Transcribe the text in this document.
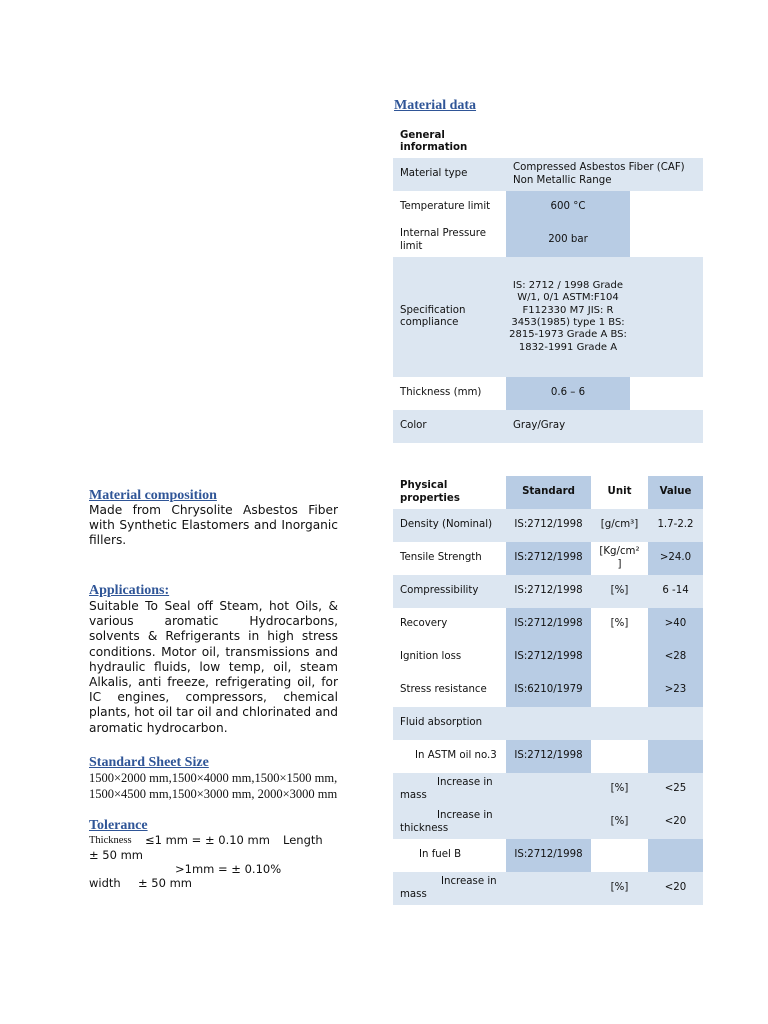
Material composition

Made from Chrysolite Asbestos Fiber with Synthetic Elastomers and Inorganic fillers.

Applications:

Suitable To Seal off Steam, hot Oils, & various aromatic Hydrocarbons, solvents & Refrigerants in high stress conditions. Motor oil, transmissions and hydraulic fluids, low temp, oil, steam Alkalis, anti freeze, refrigerating oil, for IC engines, compressors, chemical plants, hot oil tar oil and chlorinated and aromatic hydrocarbon.

Standard Sheet Size

1500×2000 mm,1500×4000 mm,1500×1500 mm, 1500×4500 mm,1500×3000 mm, 2000×3000 mm

Tolerance
Thickness ≤1 mm = ± 0.10 mm Length
± 50 mm
>1mm = ± 0.10%
width ± 50 mm
Material data
General information		
Material type	Compressed Asbestos Fiber (CAF) Non Metallic Range	
Temperature limit	600 °C	
Internal Pressure limit	200 bar	
Specification compliance	IS: 2712 / 1998 Grade W/1, 0/1 ASTM:F104 F112330 M7 JIS: R 3453(1985) type 1 BS: 2815-1973 Grade A BS: 1832-1991 Grade A	
Thickness (mm)	0.6 – 6	
Color	Gray/Gray	
Physical properties	Standard	Unit	Value
Density (Nominal)	IS:2712/1998	[g/cm³]	1.7-2.2
Tensile Strength	IS:2712/1998	[Kg/cm² ]	>24.0
Compressibility	IS:2712/1998	[%]	6 -14
Recovery	IS:2712/1998	[%]	>40
Ignition loss	IS:2712/1998		<28
Stress resistance	IS:6210/1979		>23
Fluid absorption			
In ASTM oil no.3	IS:2712/1998		
Increase in mass		[%]	<25
Increase in thickness		[%]	<20
In fuel B	IS:2712/1998		
Increase in mass		[%]	<20
